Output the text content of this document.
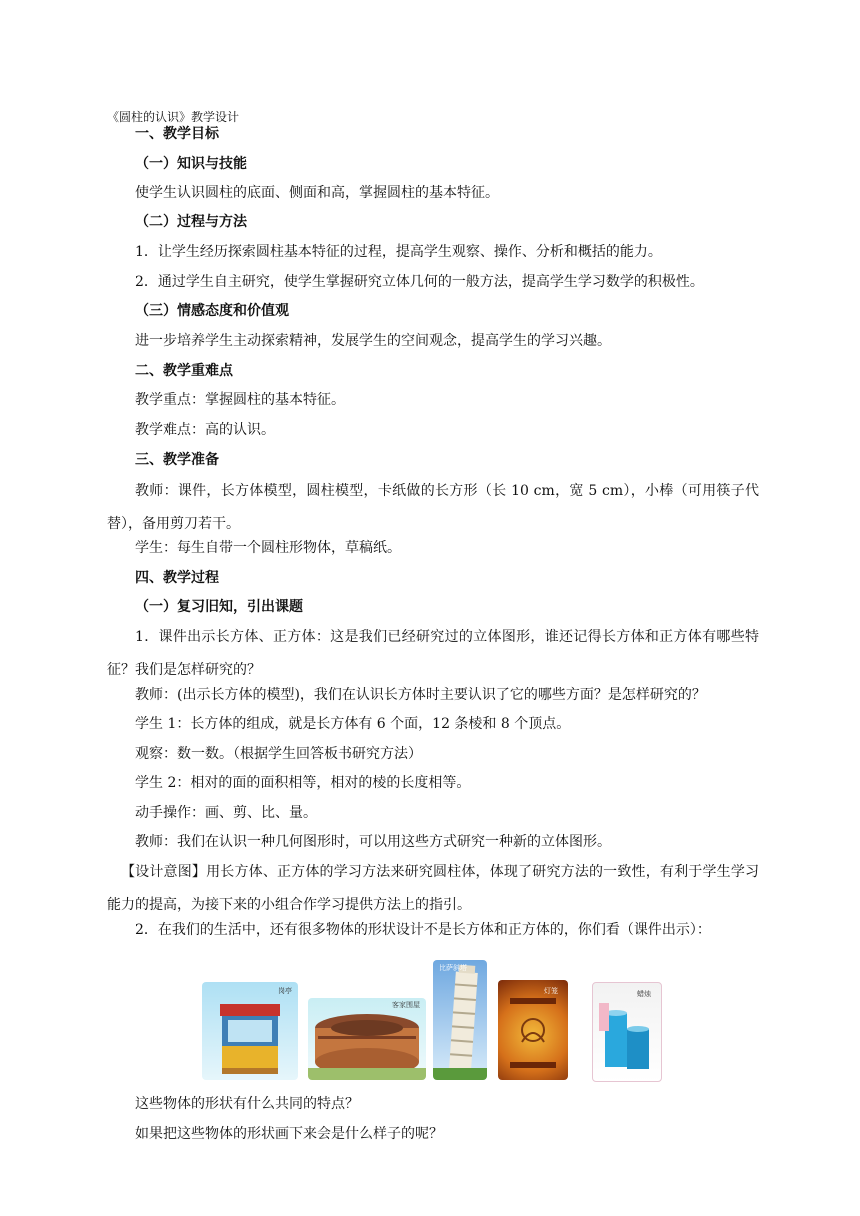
《圆柱的认识》教学设计
一、教学目标
（一）知识与技能
使学生认识圆柱的底面、侧面和高，掌握圆柱的基本特征。
（二）过程与方法
1．让学生经历探索圆柱基本特征的过程，提高学生观察、操作、分析和概括的能力。
2．通过学生自主研究，使学生掌握研究立体几何的一般方法，提高学生学习数学的积极性。
（三）情感态度和价值观
进一步培养学生主动探索精神，发展学生的空间观念，提高学生的学习兴趣。
二、教学重难点
教学重点：掌握圆柱的基本特征。
教学难点：高的认识。
三、教学准备
教师：课件，长方体模型，圆柱模型，卡纸做的长方形（长 10 cm，宽 5 cm），小棒（可用筷子代替），备用剪刀若干。
学生：每生自带一个圆柱形物体，草稿纸。
四、教学过程
（一）复习旧知，引出课题
1．课件出示长方体、正方体：这是我们已经研究过的立体图形，谁还记得长方体和正方体有哪些特征？我们是怎样研究的？
教师：(出示长方体的模型)，我们在认识长方体时主要认识了它的哪些方面？是怎样研究的？
学生 1：长方体的组成，就是长方体有 6 个面，12 条棱和 8 个顶点。
观察：数一数。（根据学生回答板书研究方法）
学生 2：相对的面的面积相等，相对的棱的长度相等。
动手操作：画、剪、比、量。
教师：我们在认识一种几何图形时，可以用这些方式研究一种新的立体图形。
【设计意图】用长方体、正方体的学习方法来研究圆柱体，体现了研究方法的一致性，有利于学生学习能力的提高，为接下来的小组合作学习提供方法上的指引。
2．在我们的生活中，还有很多物体的形状设计不是长方体和正方体的，你们看（课件出示）：
岗亭
客家围屋
比萨斜塔
灯笼	蜡烛
这些物体的形状有什么共同的特点？
如果把这些物体的形状画下来会是什么样子的呢？
